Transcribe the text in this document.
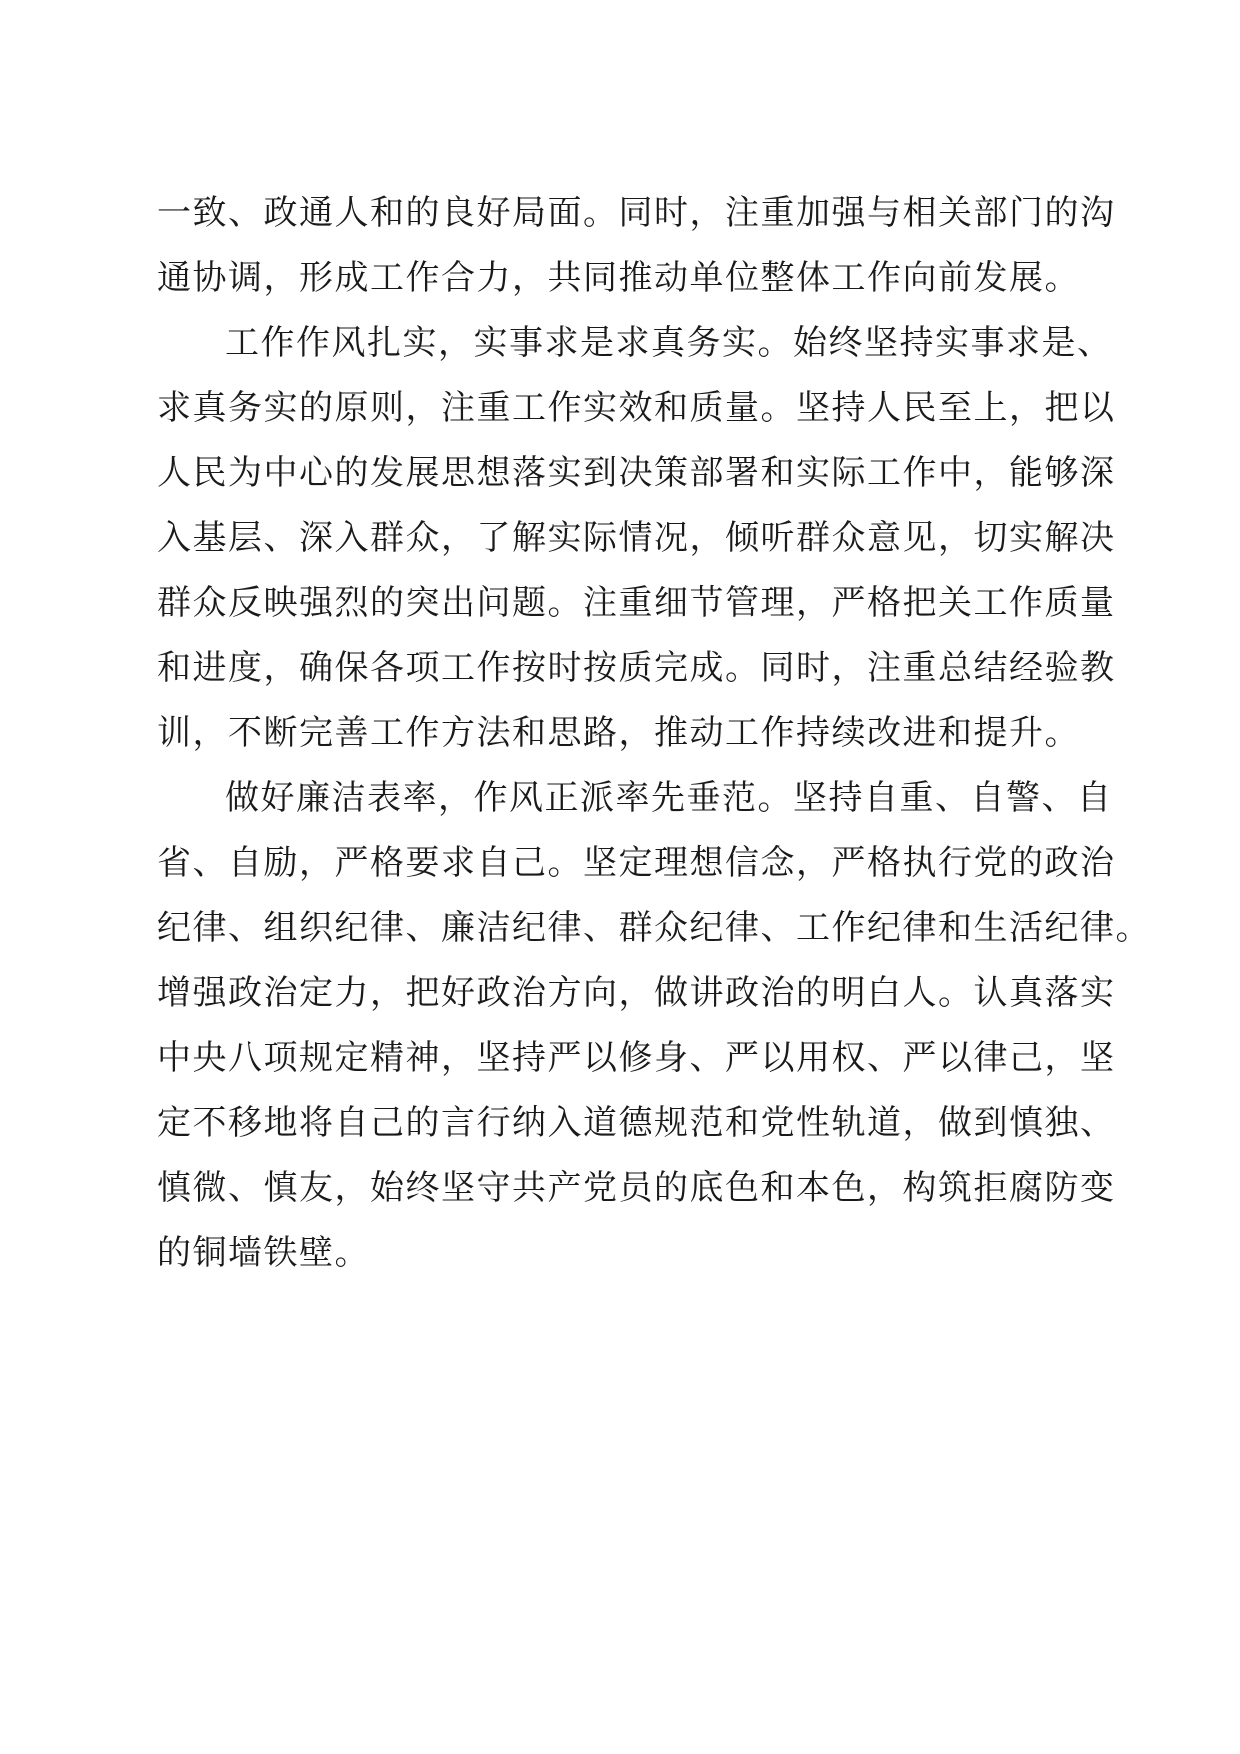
一致、政通人和的良好局面。同时，注重加强与相关部门的沟
通协调，形成工作合力，共同推动单位整体工作向前发展。
工作作风扎实，实事求是求真务实。始终坚持实事求是、
求真务实的原则，注重工作实效和质量。坚持人民至上，把以
人民为中心的发展思想落实到决策部署和实际工作中，能够深
入基层、深入群众，了解实际情况，倾听群众意见，切实解决
群众反映强烈的突出问题。注重细节管理，严格把关工作质量
和进度，确保各项工作按时按质完成。同时，注重总结经验教
训，不断完善工作方法和思路，推动工作持续改进和提升。
做好廉洁表率，作风正派率先垂范。坚持自重、自警、自
省、自励，严格要求自己。坚定理想信念，严格执行党的政治
纪律、组织纪律、廉洁纪律、群众纪律、工作纪律和生活纪律。
增强政治定力，把好政治方向，做讲政治的明白人。认真落实
中央八项规定精神，坚持严以修身、严以用权、严以律己，坚
定不移地将自己的言行纳入道德规范和党性轨道，做到慎独、
慎微、慎友，始终坚守共产党员的底色和本色，构筑拒腐防变
的铜墙铁壁。
